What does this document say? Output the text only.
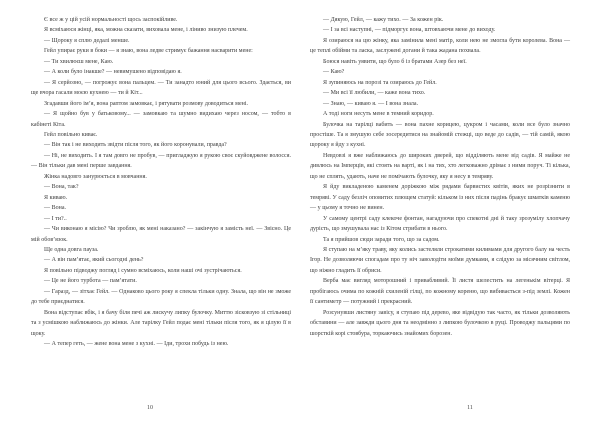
Є все ж у цій усій нормальності щось заспокійливе.

Я всміхаюся жінці, яка, можна сказати, виховала мене, і ліниво знизую плечем.

— Щороку я сплю дедалі менше.

Гейл упирає руки в боки — я знаю, вона ледве стримує бажання насварити мене:

— Ти хвилюєш мене, Каю.

— А коли було інакше? — невимушено відповідаю я.

— Я серйозно, — погрожує вона пальцем. — Ти занадто юний для цього всього. Здається, ви ще вчора гасали моєю кухнею — ти й Кіт...

Згадавши його ім’я, вона раптом замовкає, і рятувати розмову доводиться мені.

— Я щойно був у батьковому... — замовкаю та шумно видихаю через носом, — тобто в кабінеті Кіта.

Гейл повільно киває.

— Він так і не виходить звідти після того, як його коронували, правда?

— Ні, не виходить. І я там довго не пробув, — пригладжую я рукою своє скуйовджене волосся. — Він тільки дав мені перше завдання.

Жінка надовго занурюється в мовчання.

— Вона, так?

Я киваю.

— Вона.

— І ти?..

— Чи виконаю я місію? Чи зроблю, як мені наказано? — закінчую я замість неї. — Звісно. Це мій обов’язок.

Ще одна довга пауза.

— А він пам’ятає, який сьогодні день?

Я повільно підводжу погляд і сумно всміхаюсь, коли наші очі зустрічаються.

— Це не його турбота — пам’ятати.

— Гаразд, — зітхає Гейл. — Однаково цього року я спекла тільки одну. Знала, що він не зможе до тебе приєднатися.

Вона відступає вбік, і я бачу біля печі аж лискучу липку булочку. Миттю зісковзую зі стільниці та з усмішкою наближаюсь до жінки. Але тарілку Гейл подає мені тільки після того, як я цілую її в щоку.

— А тепер геть, — жене вона мене з кухні. — Іди, трохи побудь із нею.

10

— Дякую, Гейл, — кажу тихо. — За кожен рік.

— І за всі наступні, — підморгує вона, штовхаючи мене до виходу.

Я озираюся на цю жінку, яка замінила мені матір, коли нею не змогла бути королева. Вона — це теплі обійми та ласка, заслужені догани й така жадана похвала.

Боюся навіть уявити, що було б із братами Азер без неї.

— Каю?

Я зупиняюсь на порозі та озираюсь до Гейл.

— Ми всі її любили, — каже вона тихо.

— Знаю, — киваю я. — І вона знала.

А тоді ноги несуть мене в темний коридор.

Булочка на тарілці вабить — вона пахне корицею, цукром і часами, коли все було значно простіше. Та я змушую себе зосередитися на знайомій стежці, що веде до садів, — тій самій, якою щороку я йду з кухні.

Невдовзі я вже наближаюсь до широких дверей, що відділяють мене від садів. Я майже не дивлюсь на Імперців, які стоять на варті, як і на тих, хто легковажно дрімає з ними поруч. Ті кілька, що не сплять, удають, наче не помічають булочку, яку я несу в темряву.

Я йду викладеною каменем доріжкою між рядами барвистих квітів, яких не розрізнити в темряві. У саду безліч оповитих плющем статуй: кільком із них після падінь бракує шматків каменю — у цьому я точно не винен.

У самому центрі саду клекоче фонтан, нагадуючи про спекотні дні й таку зрозумілу хлопчачу дурість, що змушувала нас із Кітом стрибати в нього.

Та я прийшов сюди заради того, що за садом.

Я ступаю на м’яку траву, яку колись застеляли строкатими килимами для другого балу на честь Ігор. Не дозволяючи спогадам про ту ніч заволодіти моїми думками, я слідую за місячним світлом, що ніжно гладить її обриси.

Верба має вигляд моторошний і привабливий. Її листя шелестить на легенькім вітерці. Я пробігаюсь очима по кожній схиленій гілці, по кожному кореню, що вибивається з-під землі. Кожен її сантиметр — потужний і прекрасний.

Розсунувши листяну завісу, я ступаю під дерево, яке відвідую так часто, як тільки дозволяють обставини — але завжди цього дня та неодмінно з липкою булочкою в руці. Проводжу пальцями по шорсткій корі стовбура, торкаючись знайомих борозен.

11
